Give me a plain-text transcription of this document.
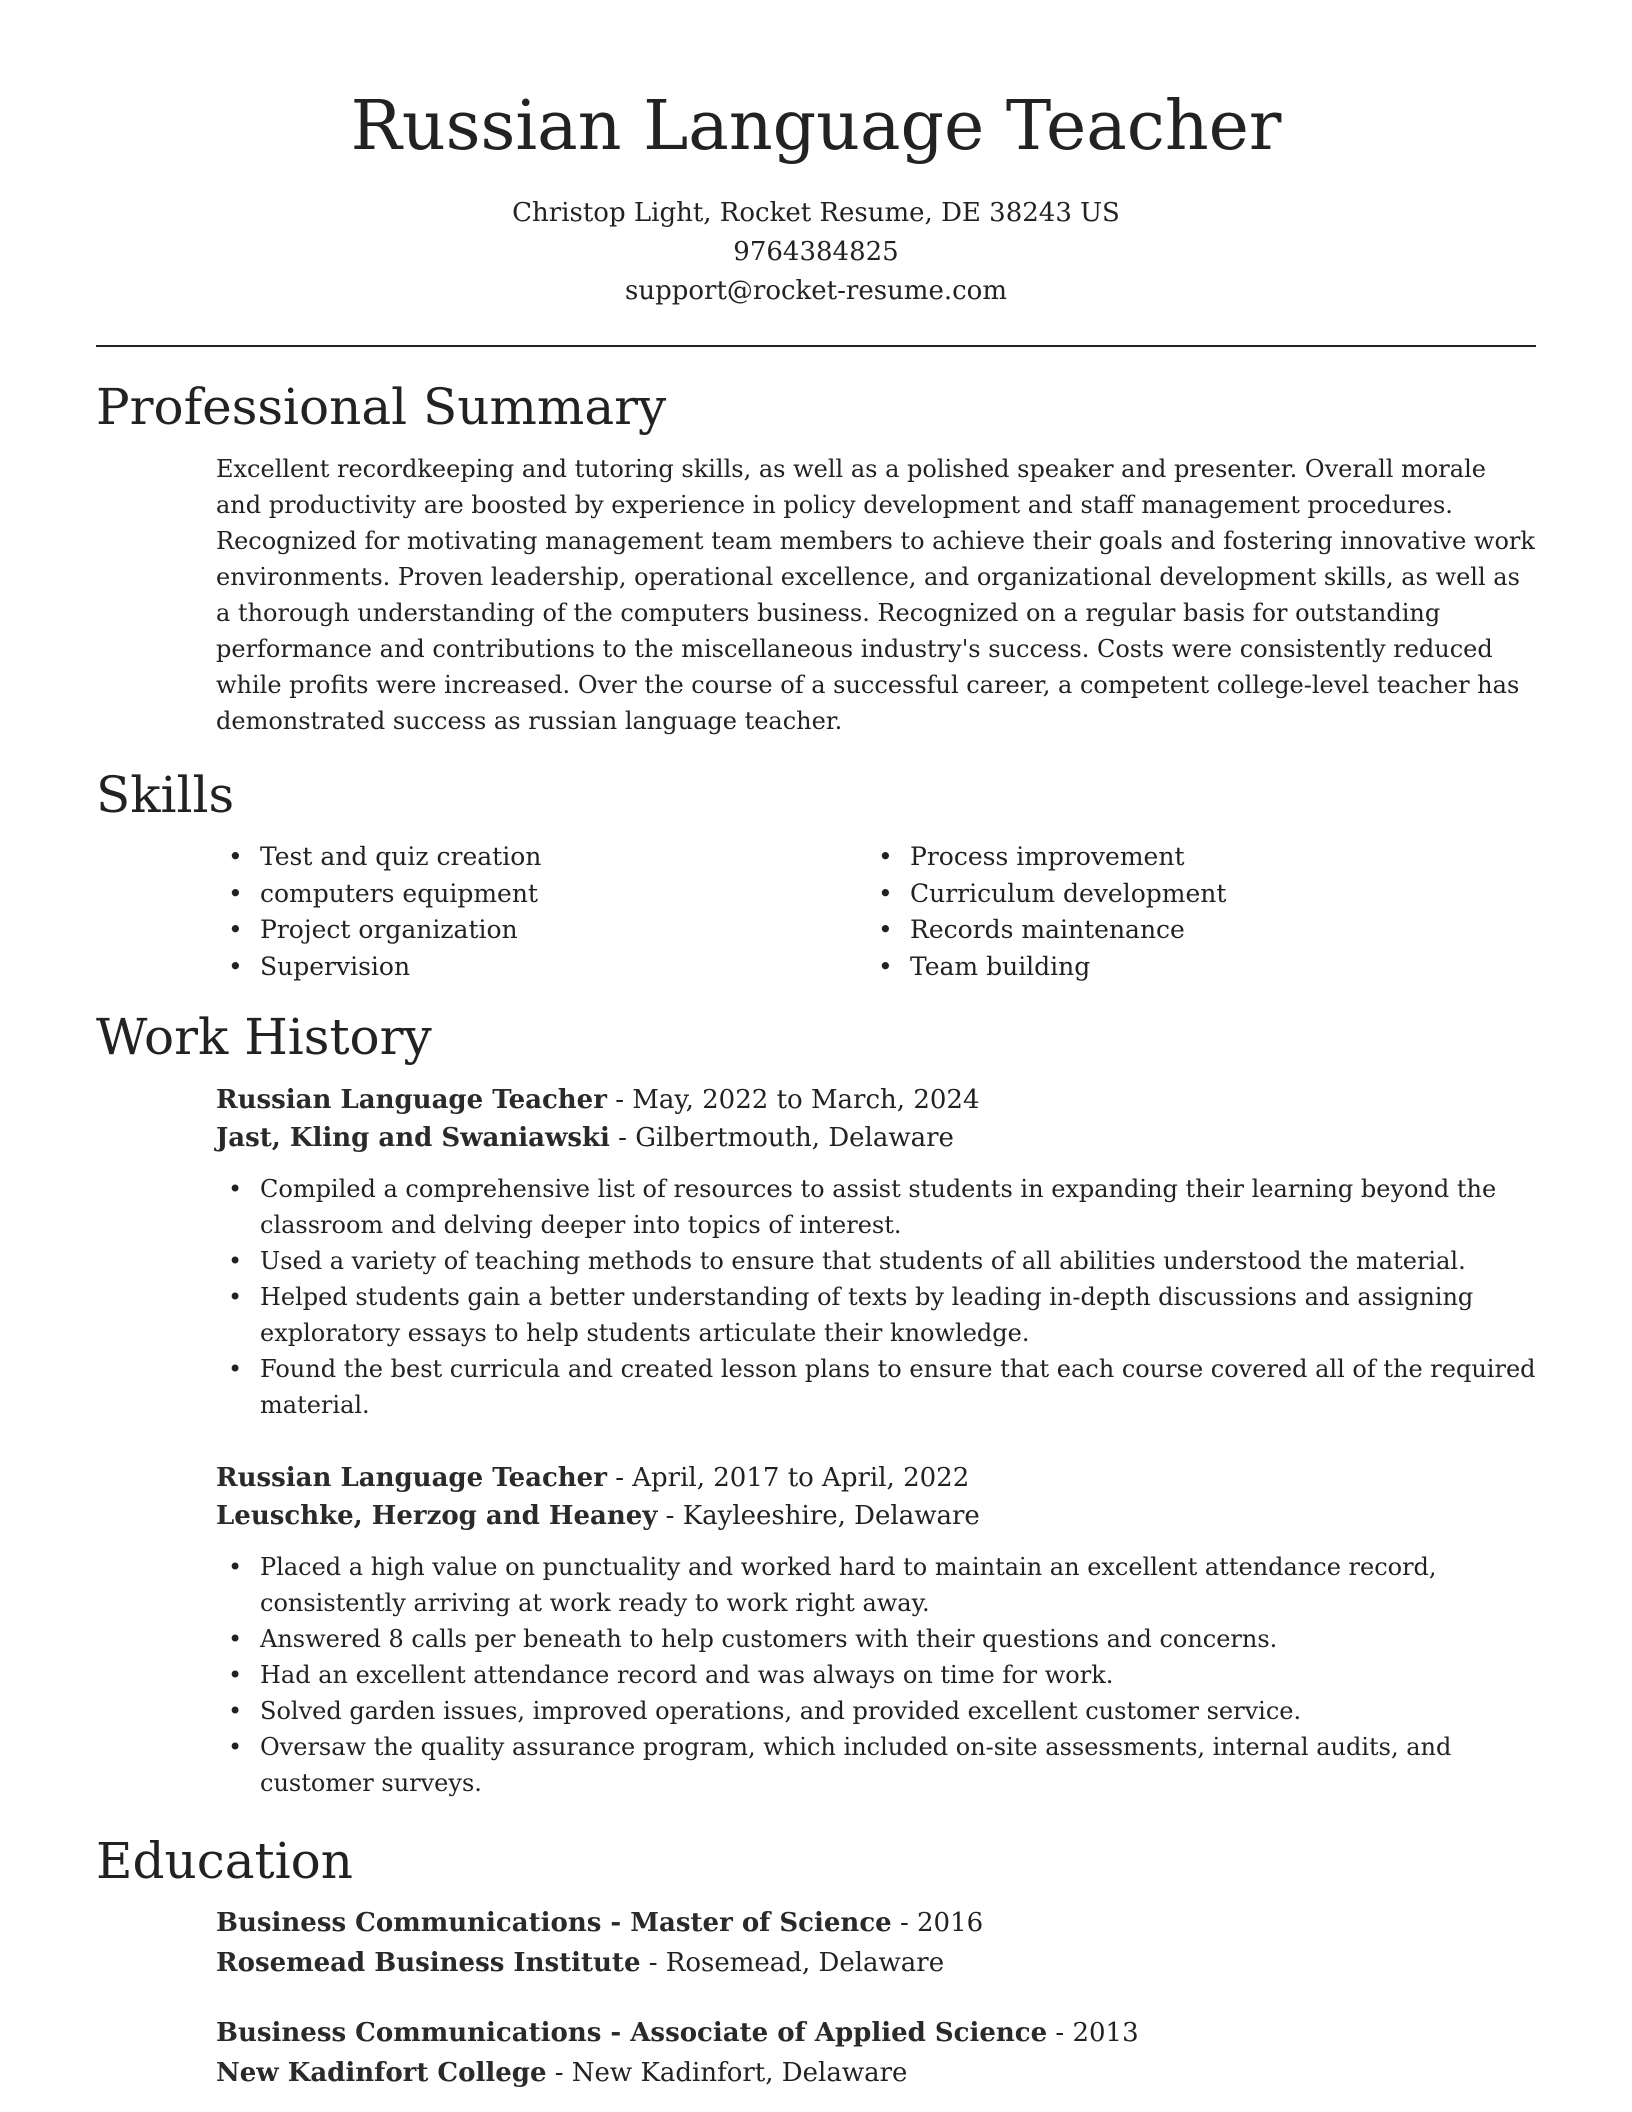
Russian Language Teacher
Christop Light, Rocket Resume, DE 38243 US
9764384825
support@rocket-resume.com
Professional Summary

Excellent recordkeeping and tutoring skills, as well as a polished speaker and presenter. Overall morale and productivity are boosted by experience in policy development and staff management procedures. Recognized for motivating management team members to achieve their goals and fostering innovative work environments. Proven leadership, operational excellence, and organizational development skills, as well as a thorough understanding of the computers business. Recognized on a regular basis for outstanding performance and contributions to the miscellaneous industry's success. Costs were consistently reduced while profits were increased. Over the course of a successful career, a competent college-level teacher has demonstrated success as russian language teacher.

Skills
• Test and quiz creation
• computers equipment
• Project organization
• Supervision
• Process improvement
• Curriculum development
• Records maintenance
• Team building
Work History
Russian Language Teacher - May, 2022 to March, 2024
Jast, Kling and Swaniawski - Gilbertmouth, Delaware
• Compiled a comprehensive list of resources to assist students in expanding their learning beyond the classroom and delving deeper into topics of interest.
• Used a variety of teaching methods to ensure that students of all abilities understood the material.
• Helped students gain a better understanding of texts by leading in-depth discussions and assigning exploratory essays to help students articulate their knowledge.
• Found the best curricula and created lesson plans to ensure that each course covered all of the required material.
Russian Language Teacher - April, 2017 to April, 2022
Leuschke, Herzog and Heaney - Kayleeshire, Delaware
• Placed a high value on punctuality and worked hard to maintain an excellent attendance record, consistently arriving at work ready to work right away.
• Answered 8 calls per beneath to help customers with their questions and concerns.
• Had an excellent attendance record and was always on time for work.
• Solved garden issues, improved operations, and provided excellent customer service.
• Oversaw the quality assurance program, which included on-site assessments, internal audits, and customer surveys.
Education
Business Communications - Master of Science - 2016
Rosemead Business Institute - Rosemead, Delaware
Business Communications - Associate of Applied Science - 2013
New Kadinfort College - New Kadinfort, Delaware
